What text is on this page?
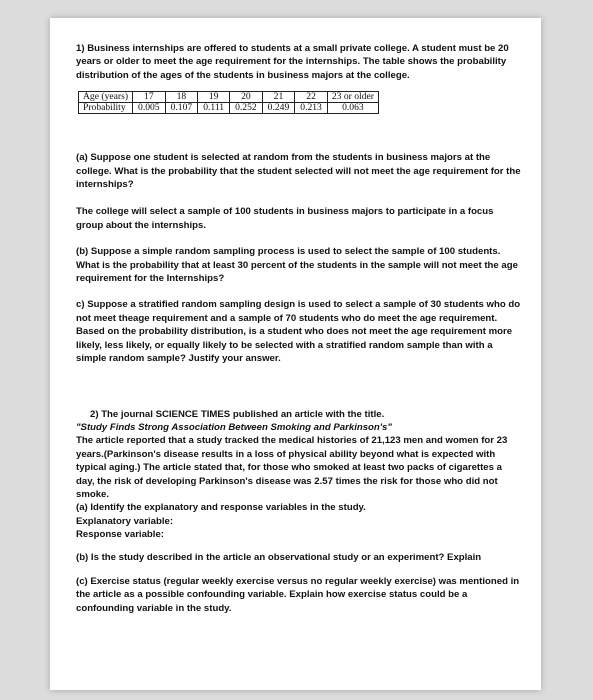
1) Business internships are offered to students at a small private college. A student must be 20 years or older to meet the age requirement for the internships. The table shows the probability distribution of the ages of the students in business majors at the college.

Age (years)	17	18	19	20	21	22	23 or older
Probability	0.005	0.107	0.111	0.252	0.249	0.213	0.063

(a) Suppose one student is selected at random from the students in business majors at the college. What is the probability that the student selected will not meet the age requirement for the internships?

The college will select a sample of 100 students in business majors to participate in a focus group about the internships.

(b) Suppose a simple random sampling process is used to select the sample of 100 students. What is the probability that at least 30 percent of the students in the sample will not meet the age requirement for the Internships?

c) Suppose a stratified random sampling design is used to select a sample of 30 students who do not meet theage requirement and a sample of 70 students who do meet the age requirement. Based on the probability distribution, is a student who does not meet the age requirement more likely, less likely, or equally likely to be selected with a stratified random sample than with a simple random sample? Justify your answer.

2) The journal SCIENCE TIMES published an article with the title.

"Study Finds Strong Association Between Smoking and Parkinson's"

The article reported that a study tracked the medical histories of 21,123 men and women for 23 years.(Parkinson's disease results in a loss of physical ability beyond what is expected with typical aging.) The article stated that, for those who smoked at least two packs of cigarettes a day, the risk of developing Parkinson's disease was 2.57 times the risk for those who did not smoke.

(a) Identify the explanatory and response variables in the study.

Explanatory variable:

Response variable:

(b) Is the study described in the article an observational study or an experiment? Explain

(c) Exercise status (regular weekly exercise versus no regular weekly exercise) was mentioned in the article as a possible confounding variable. Explain how exercise status could be a confounding variable in the study.
